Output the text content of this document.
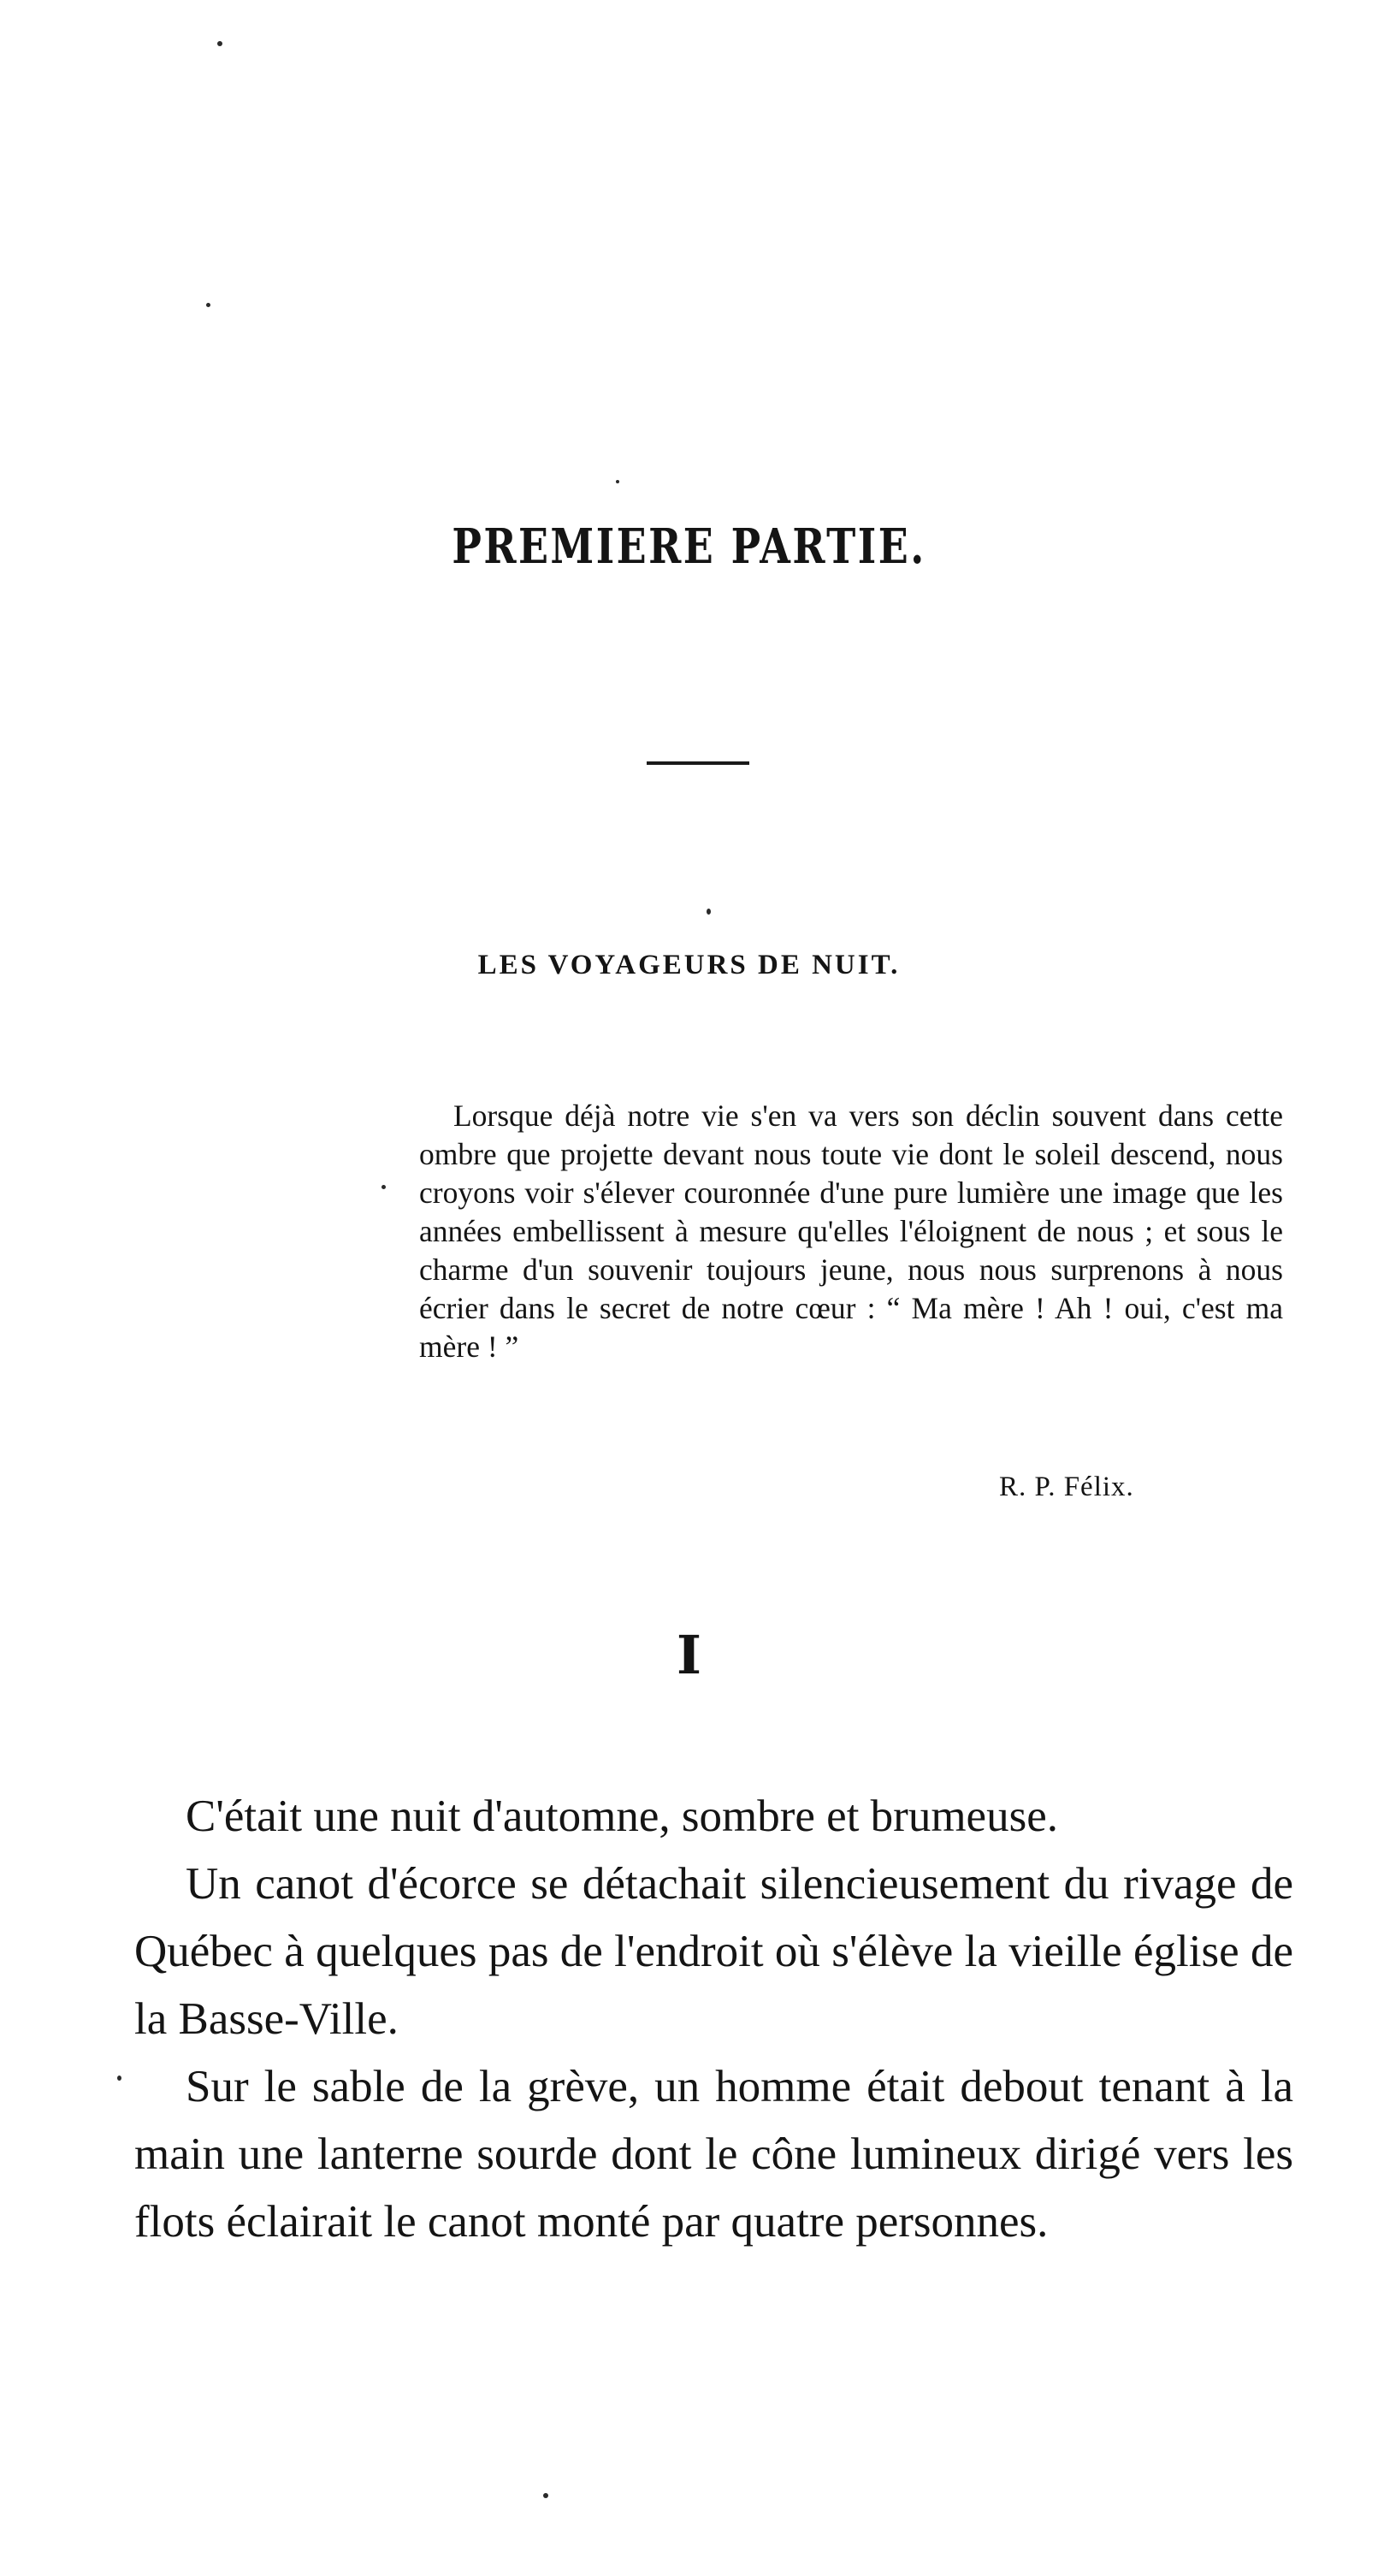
PREMIERE PARTIE.
LES VOYAGEURS DE NUIT.
Lorsque déjà notre vie s'en va vers son déclin souvent dans cette ombre que projette devant nous toute vie dont le soleil descend, nous croyons voir s'élever couronnée d'une pure lumière une image que les années embellissent à mesure qu'elles l'éloignent de nous ; et sous le charme d'un souvenir toujours jeune, nous nous surprenons à nous écrier dans le secret de notre cœur : “ Ma mère ! Ah ! oui, c'est ma mère ! ”

R. P. Félix.

I

C'était une nuit d'automne, sombre et brumeuse.

Un canot d'écorce se détachait silencieusement du rivage de Québec à quelques pas de l'endroit où s'élève la vieille église de la Basse-Ville.

Sur le sable de la grève, un homme était debout tenant à la main une lanterne sourde dont le cône lumineux dirigé vers les flots éclairait le canot monté par quatre personnes.
